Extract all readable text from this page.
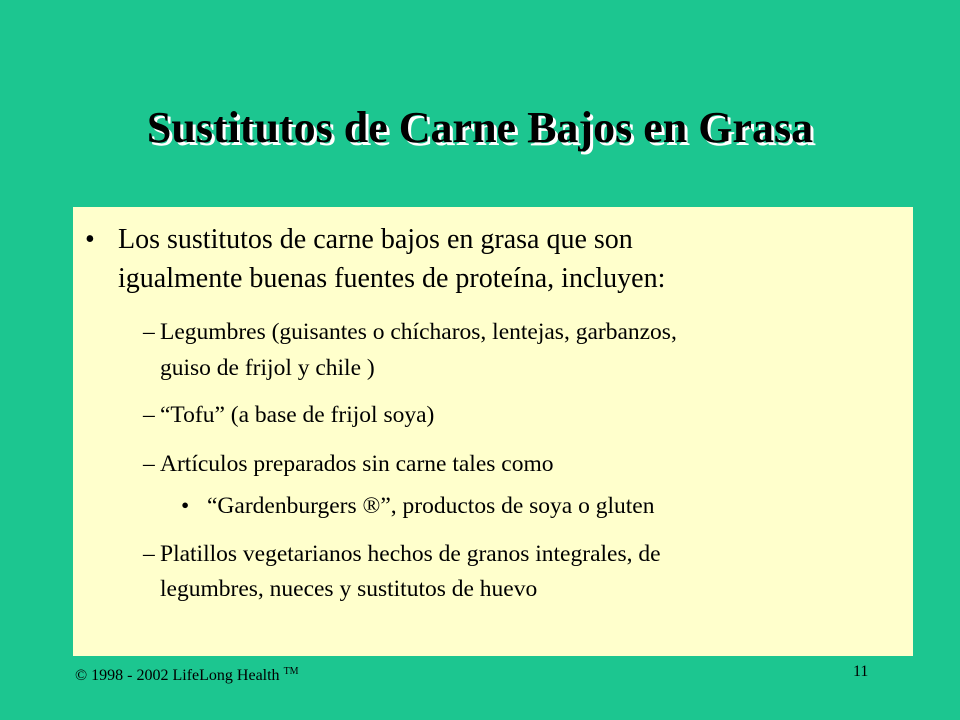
Sustitutos de Carne Bajos en Grasa
• Los sustitutos de carne bajos en grasa que son
igualmente buenas fuentes de proteína, incluyen:
– Legumbres (guisantes o chícharos, lentejas, garbanzos,
guiso de frijol y chile )
– “Tofu” (a base de frijol soya)
– Artículos preparados sin carne tales como
• “Gardenburgers ®”, productos de soya o gluten
– Platillos vegetarianos hechos de granos integrales, de
legumbres, nueces y sustitutos de huevo
© 1998 - 2002 LifeLong Health ™	11
